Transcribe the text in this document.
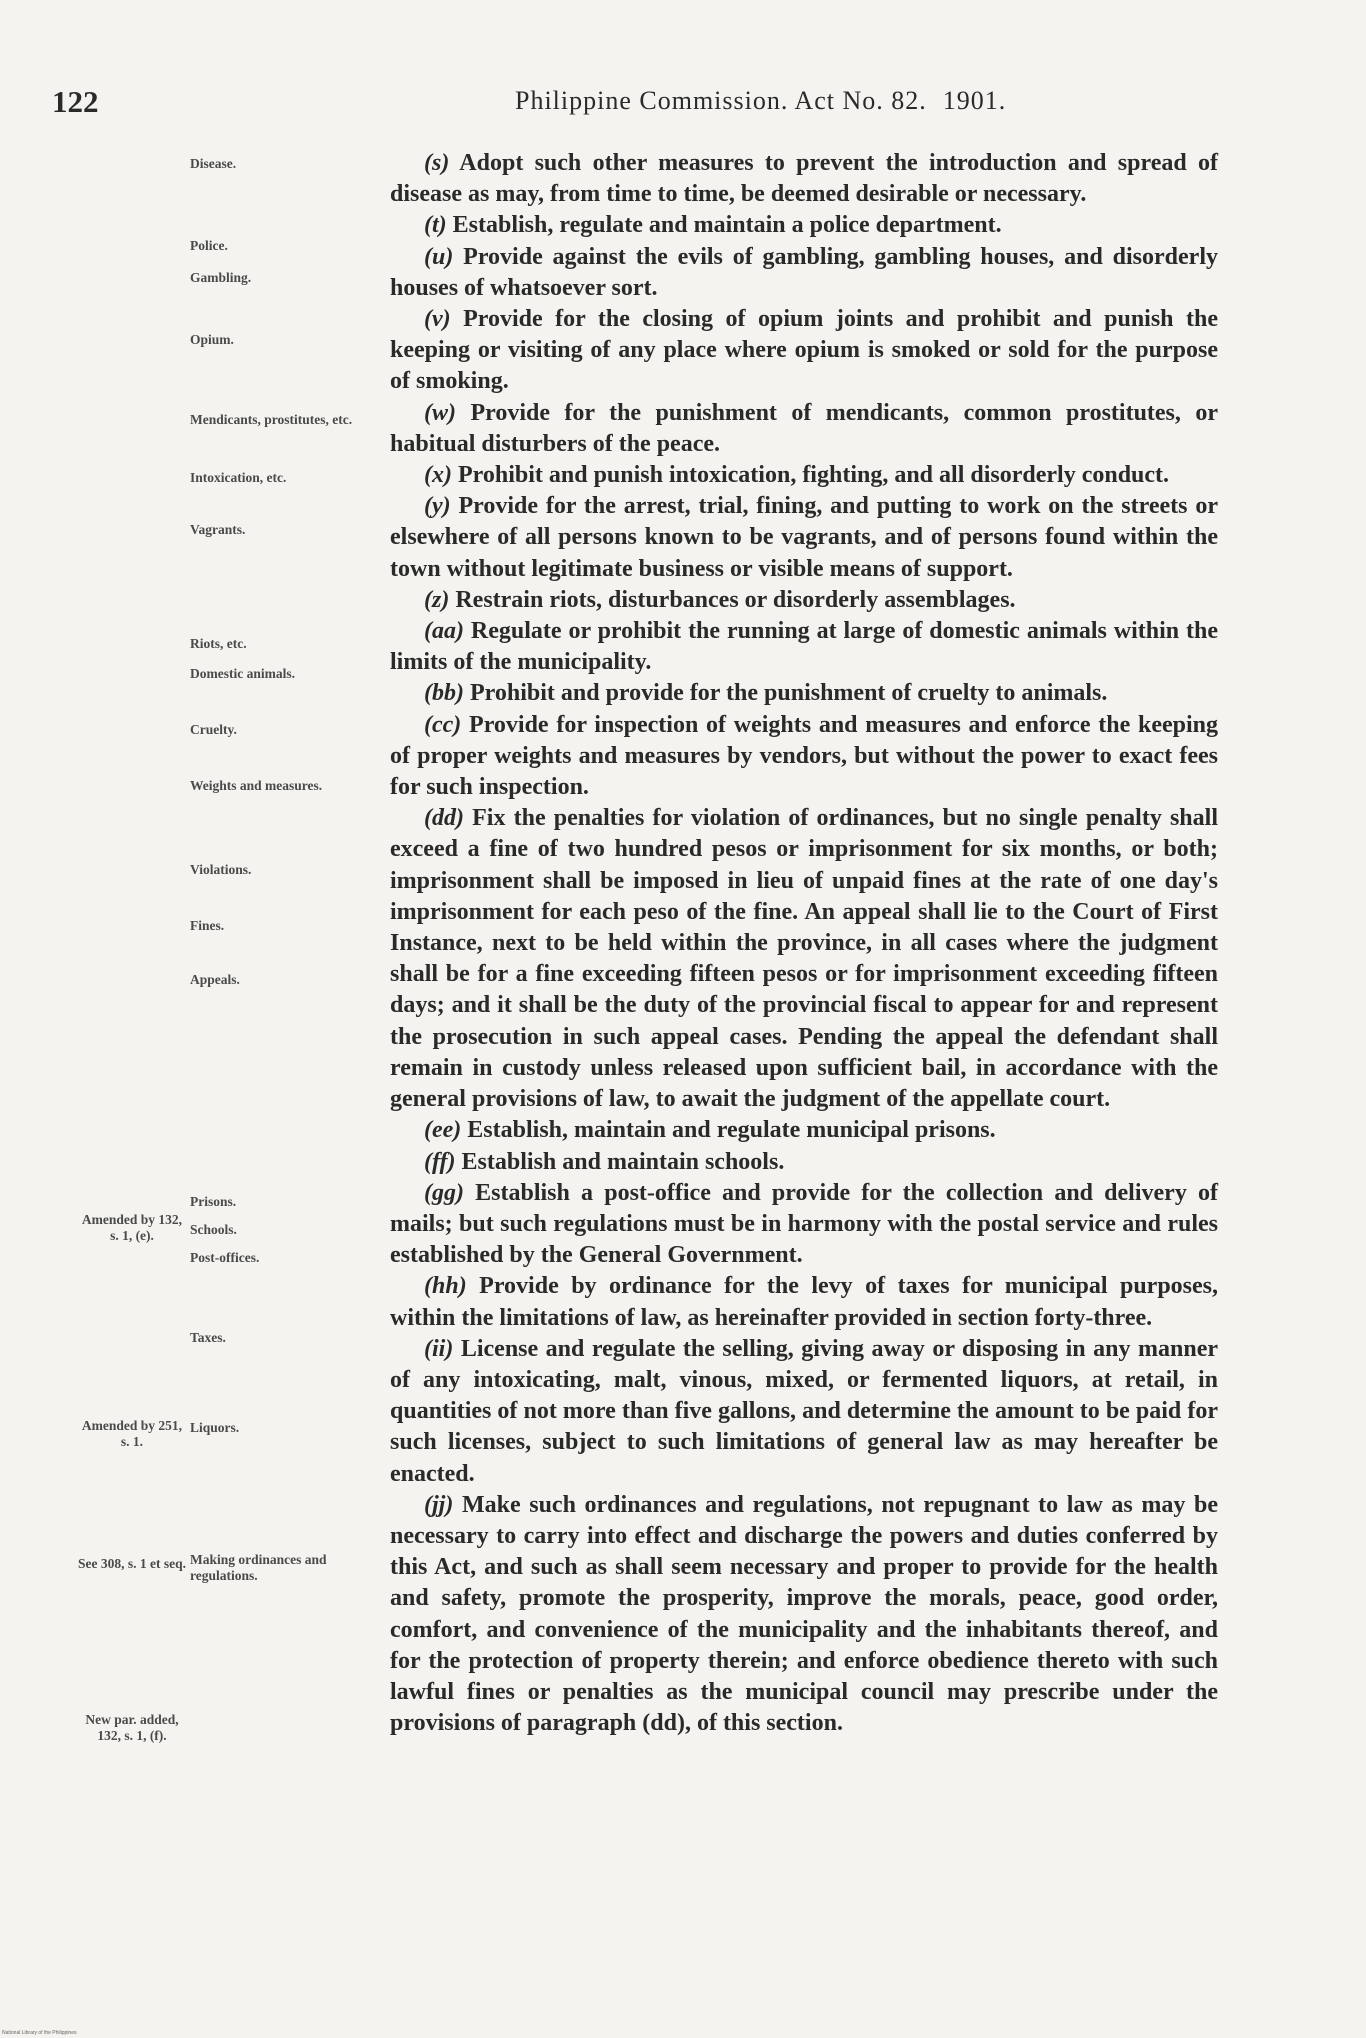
122	Philippine Commission. Act No. 82. 1901.

(s) Adopt such other measures to prevent the introduction and spread of disease as may, from time to time, be deemed desirable or necessary.

(t) Establish, regulate and maintain a police department.

(u) Provide against the evils of gambling, gambling houses, and disorderly houses of whatsoever sort.

(v) Provide for the closing of opium joints and prohibit and punish the keeping or visiting of any place where opium is smoked or sold for the purpose of smoking.

(w) Provide for the punishment of mendicants, common prostitutes, or habitual disturbers of the peace.

(x) Prohibit and punish intoxication, fighting, and all disorderly conduct.

(y) Provide for the arrest, trial, fining, and putting to work on the streets or elsewhere of all persons known to be vagrants, and of persons found within the town without legitimate business or visible means of support.

(z) Restrain riots, disturbances or disorderly assemblages.

(aa) Regulate or prohibit the running at large of domestic animals within the limits of the municipality.

(bb) Prohibit and provide for the punishment of cruelty to animals.

(cc) Provide for inspection of weights and measures and enforce the keeping of proper weights and measures by vendors, but without the power to exact fees for such inspection.

(dd) Fix the penalties for violation of ordinances, but no single penalty shall exceed a fine of two hundred pesos or imprisonment for six months, or both; imprisonment shall be imposed in lieu of unpaid fines at the rate of one day's imprisonment for each peso of the fine. An appeal shall lie to the Court of First Instance, next to be held within the province, in all cases where the judgment shall be for a fine exceeding fifteen pesos or for imprisonment exceeding fifteen days; and it shall be the duty of the provincial fiscal to appear for and represent the prosecution in such appeal cases. Pending the appeal the defendant shall remain in custody unless released upon sufficient bail, in accordance with the general provisions of law, to await the judgment of the appellate court.

(ee) Establish, maintain and regulate municipal prisons.

(ff) Establish and maintain schools.

(gg) Establish a post-office and provide for the collection and delivery of mails; but such regulations must be in harmony with the postal service and rules established by the General Government.

(hh) Provide by ordinance for the levy of taxes for municipal purposes, within the limitations of law, as hereinafter provided in section forty-three.

(ii) License and regulate the selling, giving away or disposing in any manner of any intoxicating, malt, vinous, mixed, or fermented liquors, at retail, in quantities of not more than five gallons, and determine the amount to be paid for such licenses, subject to such limitations of general law as may hereafter be enacted.

(jj) Make such ordinances and regulations, not repugnant to law as may be necessary to carry into effect and discharge the powers and duties conferred by this Act, and such as shall seem necessary and proper to provide for the health and safety, promote the prosperity, improve the morals, peace, good order, comfort, and convenience of the municipality and the inhabitants thereof, and for the protection of property therein; and enforce obedience thereto with such lawful fines or penalties as the municipal council may prescribe under the provisions of paragraph (dd), of this section.

Disease.
Police.
Gambling.
Opium.
Mendicants, prostitutes, etc.
Intoxication, etc.
Vagrants.
Riots, etc.
Domestic animals.
Cruelty.
Weights and measures.
Violations.
Fines.
Appeals.
Prisons.
Schools.
Post-offices.
Taxes.
Liquors.
Making ordinances and regulations.
Amended by 132, s. 1, (e).
Amended by 251, s. 1.
See 308, s. 1 et seq.
New par. added, 132, s. 1, (f).
National Library of the Philippines
